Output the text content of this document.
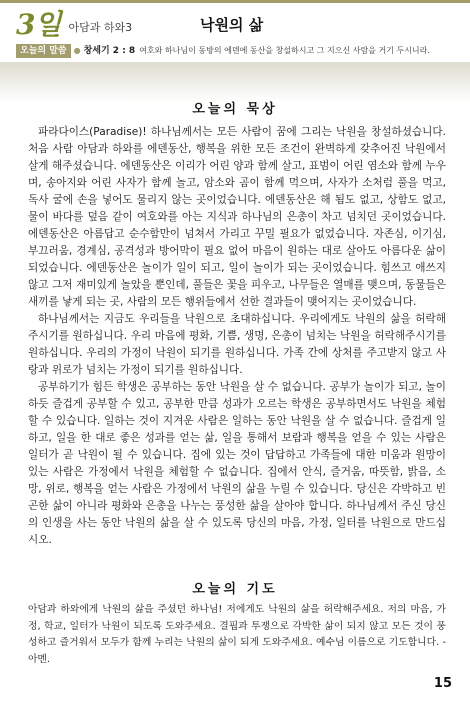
3일 아담과 하와3	낙원의 삶
오늘의 말씀 ● 창세기 2 : 8 여호와 하나님이 동방의 에덴에 동산을 창설하시고 그 지으신 사람을 거기 두시니라.
오늘의 묵상

파라다이스(Paradise)! 하나님께서는 모든 사람이 꿈에 그리는 낙원을 창설하셨습니다. 처음 사람 아담과 하와를 에덴동산, 행복을 위한 모든 조건이 완벽하게 갖추어진 낙원에서 살게 해주셨습니다. 에덴동산은 이리가 어린 양과 함께 살고, 표범이 어린 염소와 함께 누우며, 송아지와 어린 사자가 함께 놀고, 암소와 곰이 함께 먹으며, 사자가 소처럼 풀을 먹고, 독사 굴에 손을 넣어도 물리지 않는 곳이었습니다. 에덴동산은 해 됨도 없고, 상함도 없고, 물이 바다를 덮음 같이 여호와를 아는 지식과 하나님의 은총이 차고 넘치던 곳이었습니다. 에덴동산은 아름답고 순수함만이 넘쳐서 가리고 꾸밀 필요가 없었습니다. 자존심, 이기심, 부끄러움, 경계심, 공격성과 방어막이 필요 없어 마음이 원하는 대로 살아도 아름다운 삶이 되었습니다. 에덴동산은 놀이가 일이 되고, 일이 놀이가 되는 곳이었습니다. 힘쓰고 애쓰지 않고 그저 재미있게 놀았을 뿐인데, 풀들은 꽃을 피우고, 나무들은 열매를 맺으며, 동물들은 새끼를 낳게 되는 곳, 사람의 모든 행위들에서 선한 결과들이 맺어지는 곳이었습니다.

하나님께서는 지금도 우리들을 낙원으로 초대하십니다. 우리에게도 낙원의 삶을 허락해주시기를 원하십니다. 우리 마음에 평화, 기쁨, 생명, 은총이 넘치는 낙원을 허락해주시기를 원하십니다. 우리의 가정이 낙원이 되기를 원하십니다. 가족 간에 상처를 주고받지 않고 사랑과 위로가 넘치는 가정이 되기를 원하십니다.

공부하기가 힘든 학생은 공부하는 동안 낙원을 살 수 없습니다. 공부가 놀이가 되고, 놀이하듯 즐겁게 공부할 수 있고, 공부한 만큼 성과가 오르는 학생은 공부하면서도 낙원을 체험할 수 있습니다. 일하는 것이 지겨운 사람은 일하는 동안 낙원을 살 수 없습니다. 즐겁게 일하고, 일을 한 대로 좋은 성과를 얻는 삶, 일을 통해서 보람과 행복을 얻을 수 있는 사람은 일터가 곧 낙원이 될 수 있습니다. 집에 있는 것이 답답하고 가족들에 대한 미움과 원망이 있는 사람은 가정에서 낙원을 체험할 수 없습니다. 집에서 안식, 즐거움, 따뜻함, 밝음, 소망, 위로, 행복을 얻는 사람은 가정에서 낙원의 삶을 누릴 수 있습니다. 당신은 각박하고 빈곤한 삶이 아니라 평화와 은총을 나누는 풍성한 삶을 살아야 합니다. 하나님께서 주신 당신의 인생을 사는 동안 낙원의 삶을 살 수 있도록 당신의 마음, 가정, 일터를 낙원으로 만드십시오.

오늘의 기도
아담과 하와에게 낙원의 삶을 주셨던 하나님! 저에게도 낙원의 삶을 허락해주세요. 저의 마음, 가정, 학교, 일터가 낙원이 되도록 도와주세요. 결핍과 투쟁으로 각박한 삶이 되지 않고 모든 것이 풍성하고 즐거워서 모두가 함께 누리는 낙원의 삶이 되게 도와주세요. 예수님 이름으로 기도합니다. - 아멘.
15
